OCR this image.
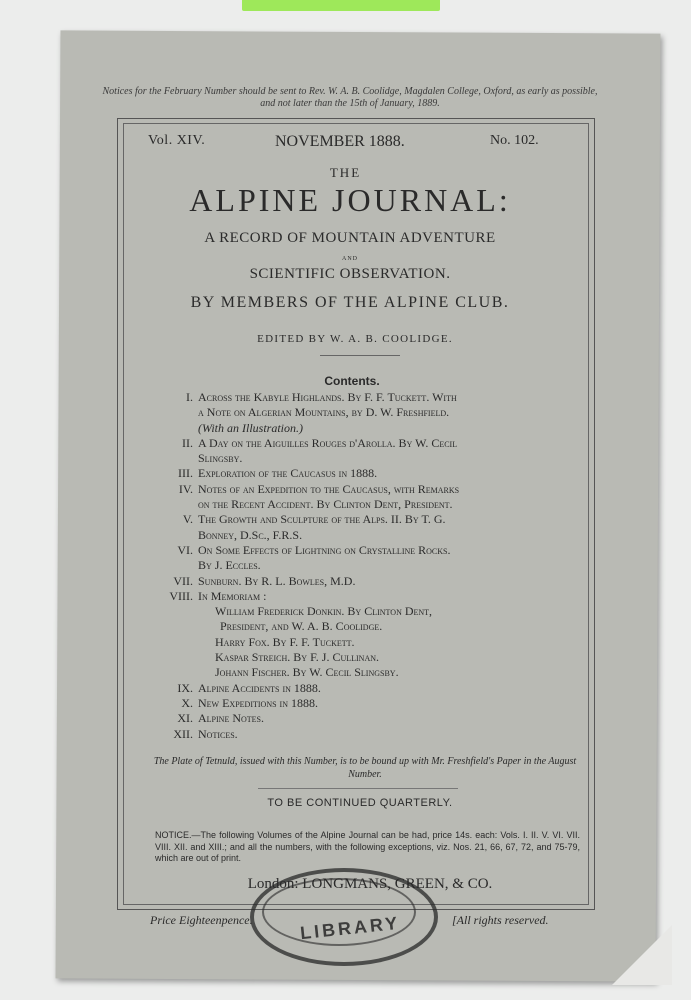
Notices for the February Number should be sent to Rev. W. A. B. Coolidge, Magdalen College, Oxford, as early as possible, and not later than the 15th of January, 1889.
Vol. XIV.	NOVEMBER 1888.	No. 102.
THE
ALPINE JOURNAL:
A RECORD OF MOUNTAIN ADVENTURE
AND
SCIENTIFIC OBSERVATION.
BY MEMBERS OF THE ALPINE CLUB.
EDITED BY W. A. B. COOLIDGE.
Contents.
I. Across the Kabyle Highlands. By F. F. Tuckett. With
a Note on Algerian Mountains, by D. W. Freshfield.
(With an Illustration.)
II. A Day on the Aiguilles Rouges d'Arolla. By W. Cecil
Slingsby.
III. Exploration of the Caucasus in 1888.
IV. Notes of an Expedition to the Caucasus, with Remarks
on the Recent Accident. By Clinton Dent, President.
V. The Growth and Sculpture of the Alps. II. By T. G.
Bonney, D.Sc., F.R.S.
VI. On Some Effects of Lightning on Crystalline Rocks.
By J. Eccles.
VII. Sunburn. By R. L. Bowles, M.D.
VIII. In Memoriam :
William Frederick Donkin. By Clinton Dent,
President, and W. A. B. Coolidge.
Harry Fox. By F. F. Tuckett.
Kaspar Streich. By F. J. Cullinan.
Johann Fischer. By W. Cecil Slingsby.
IX. Alpine Accidents in 1888.
X. New Expeditions in 1888.
XI. Alpine Notes.
XII. Notices.
The Plate of Tetnuld, issued with this Number, is to be bound up with Mr. Freshfield's Paper in the August Number.
TO BE CONTINUED QUARTERLY.
NOTICE.—The following Volumes of the Alpine Journal can be had, price 14s. each: Vols. I. II. V. VI. VII. VIII. XII. and XIII.; and all the numbers, with the following exceptions, viz. Nos. 21, 66, 67, 72, and 75-79, which are out of print.
London: LONGMANS, GREEN, & CO.
Price Eighteenpence.	[All rights reserved.
LIBRARY
